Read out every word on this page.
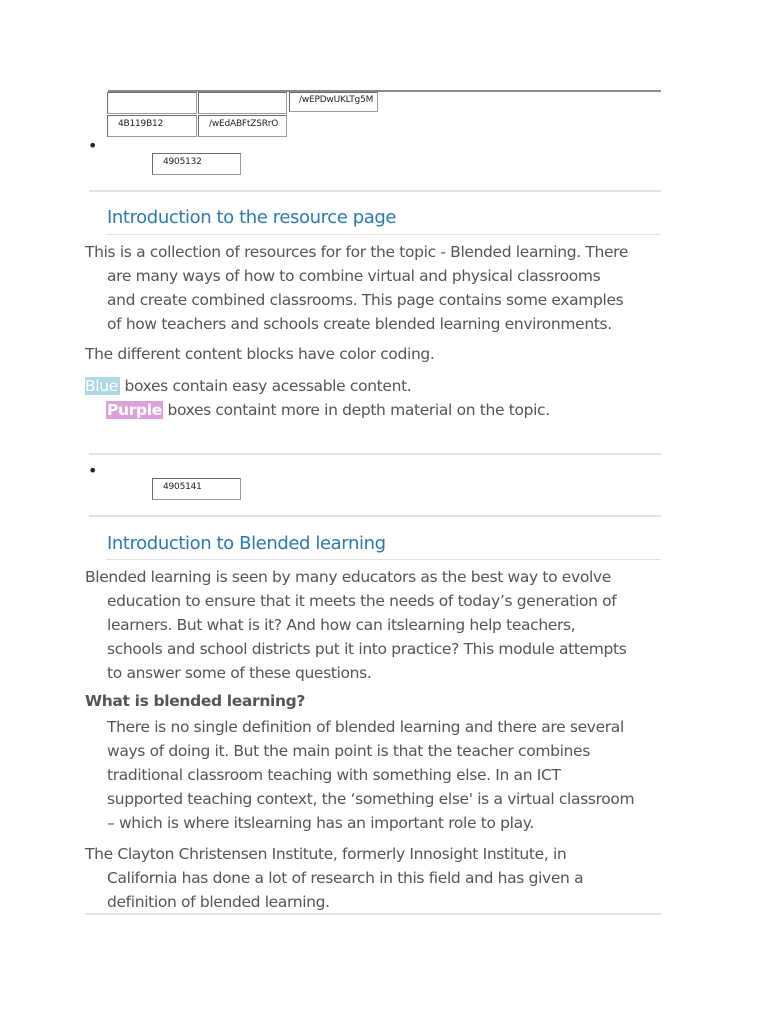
/wEPDwUKLTg5M
4B119B12	/wEdABFtZSRrO
•
4905132
Introduction to the resource page
This is a collection of resources for for the topic - Blended learning. There
are many ways of how to combine virtual and physical classrooms
and create combined classrooms. This page contains some examples
of how teachers and schools create blended learning environments.
The different content blocks have color coding.
Blue boxes contain easy acessable content.
Purple boxes containt more in depth material on the topic.
•
4905141
Introduction to Blended learning
Blended learning is seen by many educators as the best way to evolve
education to ensure that it meets the needs of today’s generation of
learners. But what is it? And how can itslearning help teachers,
schools and school districts put it into practice? This module attempts
to answer some of these questions.
What is blended learning?
There is no single definition of blended learning and there are several
ways of doing it. But the main point is that the teacher combines
traditional classroom teaching with something else. In an ICT
supported teaching context, the ‘something else' is a virtual classroom
– which is where itslearning has an important role to play.
The Clayton Christensen Institute, formerly Innosight Institute, in
California has done a lot of research in this field and has given a
definition of blended learning.
